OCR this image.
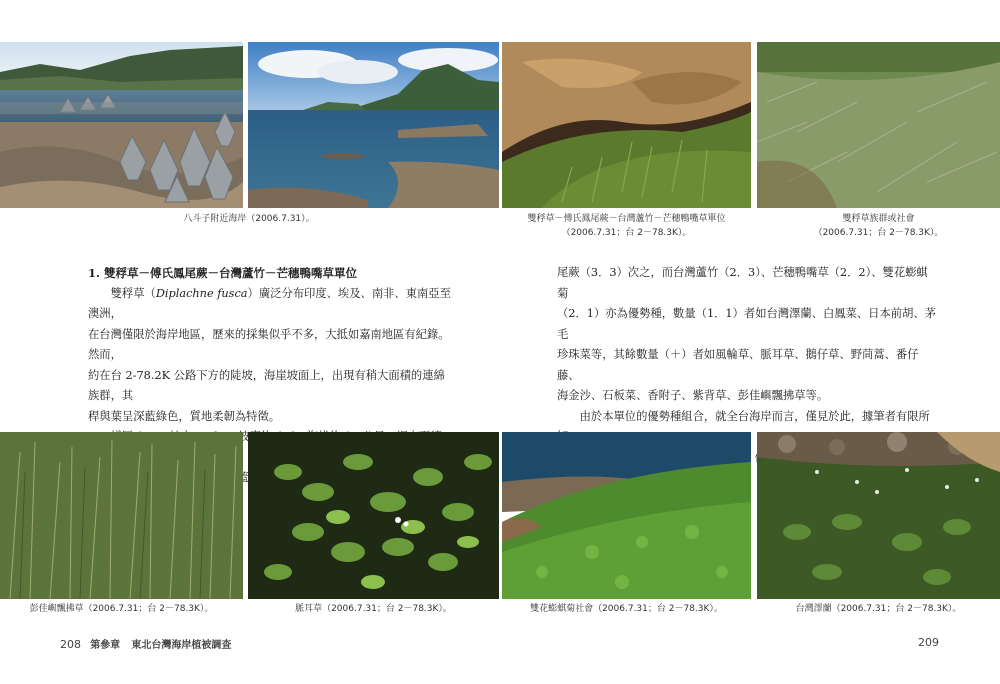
八斗子附近海岸（2006.7.31）。	雙稃草－傅氏鳳尾蕨－台灣蘆竹－芒穗鴨嘴草單位
（2006.7.31；台 2－78.3K）。
雙稃草族群或社會
（2006.7.31；台 2－78.3K）。

1. 雙稃草－傅氏鳳尾蕨－台灣蘆竹－芒穗鴨嘴草單位

　　雙稃草（Diplachne fusca）廣泛分布印度、埃及、南非、東南亞至澳洲，

在台灣僅限於海岸地區，歷來的採集似乎不多，大抵如嘉南地區有紀錄。然而，

約在台 2-78.2K 公路下方的陡坡，海崖坡面上，出現有稍大面積的連綿族群，其

稈與葉呈深藍綠色，質地柔韌為特徵。

尾蕨（3．3）次之，而台灣蘆竹（2．3）、芒穗鴨嘴草（2．2）、雙花蟛蜞菊

（2．1）亦為優勢種，數量（1．1）者如台灣澤蘭、白鳳菜、日本前胡、茅毛

珍珠菜等，其餘數量（＋）者如風輪草、脈耳草、鵝仔草、野茼蒿、番仔藤、

海金沙、石板菜、香附子、紫背草、彭佳嶼飄拂草等。

　　由於本單位的優勢種組合，就全台海岸而言，僅見於此，據筆者有限所

彭佳嶼飄拂草（2006.7.31；台 2－78.3K）。	脈耳草（2006.7.31；台 2－78.3K）。	雙花蟛蜞菊社會（2006.7.31；台 2－78.3K）。	台灣澤蘭（2006.7.31；台 2－78.3K）。
208 第參章 東北台灣海岸植被調查	209
